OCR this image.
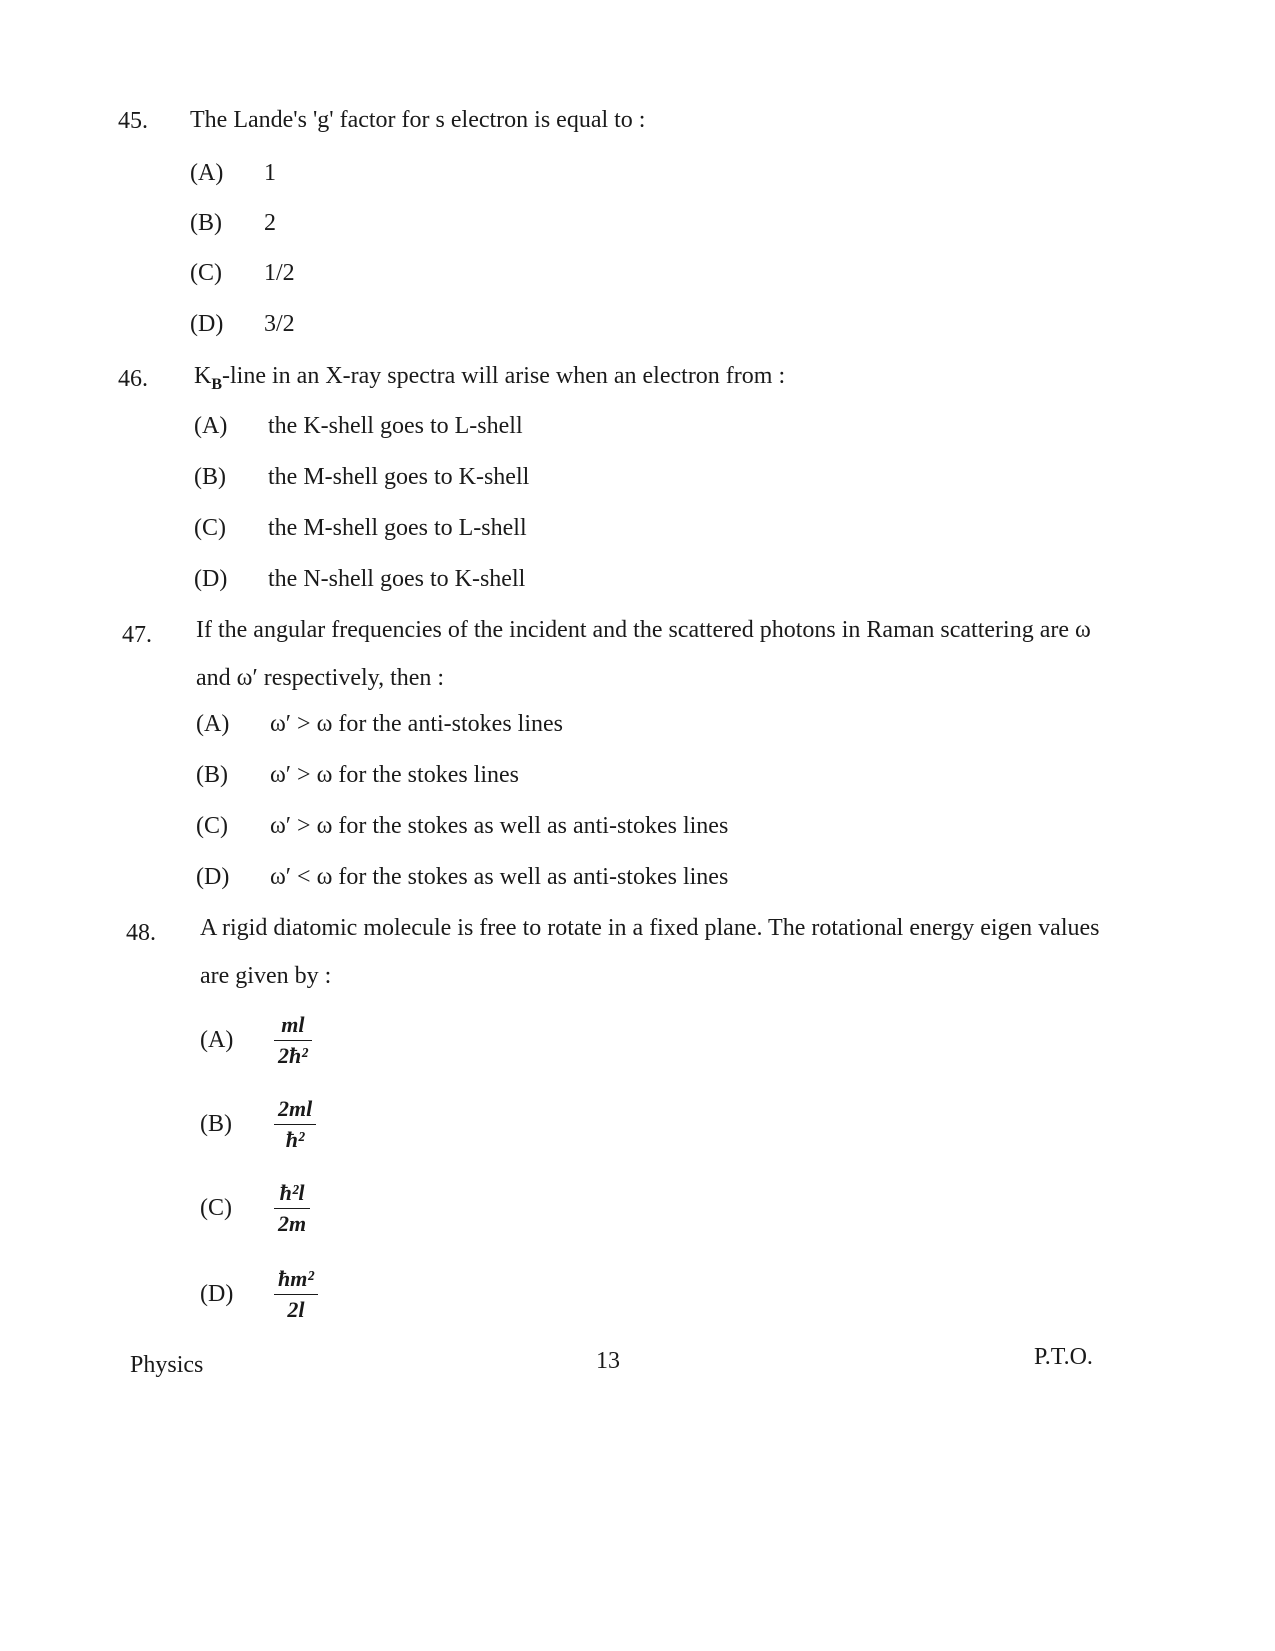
45. The Lande's 'g' factor for s electron is equal to :
(A)	1
(B)	2
(C)	1/2
(D)	3/2
46. $K_B$-line in an X-ray spectra will arise when an electron from :
(A)	the K-shell goes to L-shell
(B)	the M-shell goes to K-shell
(C)	the M-shell goes to L-shell
(D)	the N-shell goes to K-shell
47. If the angular frequencies of the incident and the scattered photons in Raman scattering are ω and ω′ respectively, then :
(A)	ω′ > ω for the anti-stokes lines
(B)	ω′ > ω for the stokes lines
(C)	ω′ > ω for the stokes as well as anti-stokes lines
(D)	ω′ < ω for the stokes as well as anti-stokes lines
48. A rigid diatomic molecule is free to rotate in a fixed plane. The rotational energy eigen values are given by :
(A)	$\frac{ml}{\text{2ħ²}}$
(B)	$\frac{2ml}{\text{ħ²}}$
(C)	$\frac{\text{ħ²l}}{2m}$
(D)	$\frac{\text{ħm²}}{2l}$
Physics	13	P.T.O.
